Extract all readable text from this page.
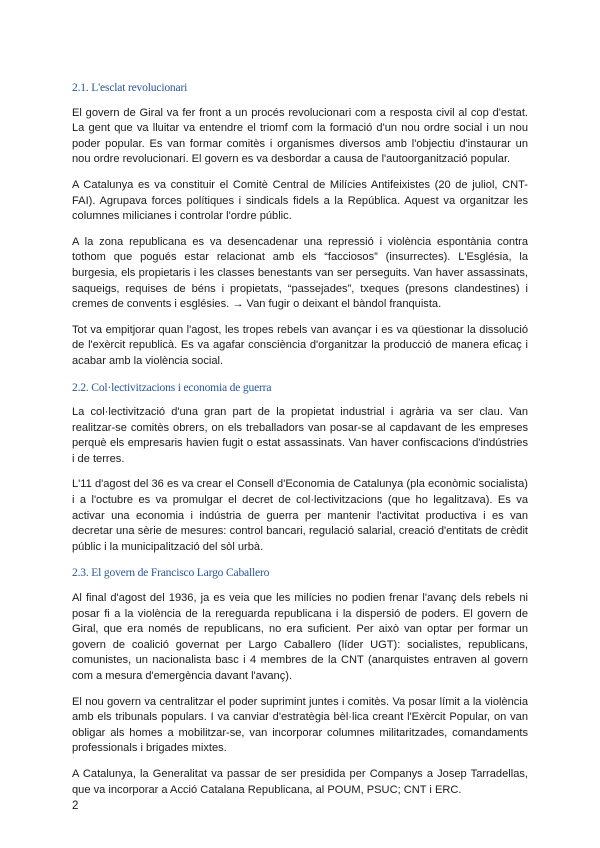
2.1. L'esclat revolucionari

El govern de Giral va fer front a un procés revolucionari com a resposta civil al cop d'estat. La gent que va lluitar va entendre el triomf com la formació d'un nou ordre social i un nou poder popular. Es van formar comitès i organismes diversos amb l'objectiu d'instaurar un nou ordre revolucionari. El govern es va desbordar a causa de l'autoorganització popular.

A Catalunya es va constituir el Comitè Central de Milícies Antifeixistes (20 de juliol, CNT-FAI). Agrupava forces polítiques i sindicals fidels a la República. Aquest va organitzar les columnes milicianes i controlar l'ordre públic.

A la zona republicana es va desencadenar una repressió i violència espontània contra tothom que pogués estar relacionat amb els “facciosos” (insurrectes). L'Església, la burgesia, els propietaris i les classes benestants van ser perseguits. Van haver assassinats, saqueigs, requises de béns i propietats, “passejades”, txeques (presons clandestines) i cremes de convents i esglésies. → Van fugir o deixant el bàndol franquista.

Tot va empitjorar quan l'agost, les tropes rebels van avançar i es va qüestionar la dissolució de l'exèrcit republicà. Es va agafar consciència d'organitzar la producció de manera eficaç i acabar amb la violència social.

2.2. Col·lectivitzacions i economia de guerra

La col·lectivització d'una gran part de la propietat industrial i agrària va ser clau. Van realitzar-se comitès obrers, on els treballadors van posar-se al capdavant de les empreses perquè els empresaris havien fugit o estat assassinats. Van haver confiscacions d'indústries i de terres.

L'11 d'agost del 36 es va crear el Consell d'Economia de Catalunya (pla econòmic socialista) i a l'octubre es va promulgar el decret de col·lectivitzacions (que ho legalitzava). Es va activar una economia i indústria de guerra per mantenir l'activitat productiva i es van decretar una sèrie de mesures: control bancari, regulació salarial, creació d'entitats de crèdit públic i la municipalització del sòl urbà.

2.3. El govern de Francisco Largo Caballero

Al final d'agost del 1936, ja es veia que les milícies no podien frenar l'avanç dels rebels ni posar fi a la violència de la rereguarda republicana i la dispersió de poders. El govern de Giral, que era només de republicans, no era suficient. Per això van optar per formar un govern de coalició governat per Largo Caballero (líder UGT): socialistes, republicans, comunistes, un nacionalista basc i 4 membres de la CNT (anarquistes entraven al govern com a mesura d'emergència davant l'avanç).

El nou govern va centralitzar el poder suprimint juntes i comitès. Va posar límit a la violència amb els tribunals populars. I va canviar d'estratègia bèl·lica creant l'Exèrcit Popular, on van obligar als homes a mobilitzar-se, van incorporar columnes militaritzades, comandaments professionals i brigades mixtes.

A Catalunya, la Generalitat va passar de ser presidida per Companys a Josep Tarradellas, que va incorporar a Acció Catalana Republicana, al POUM, PSUC; CNT i ERC.

2
